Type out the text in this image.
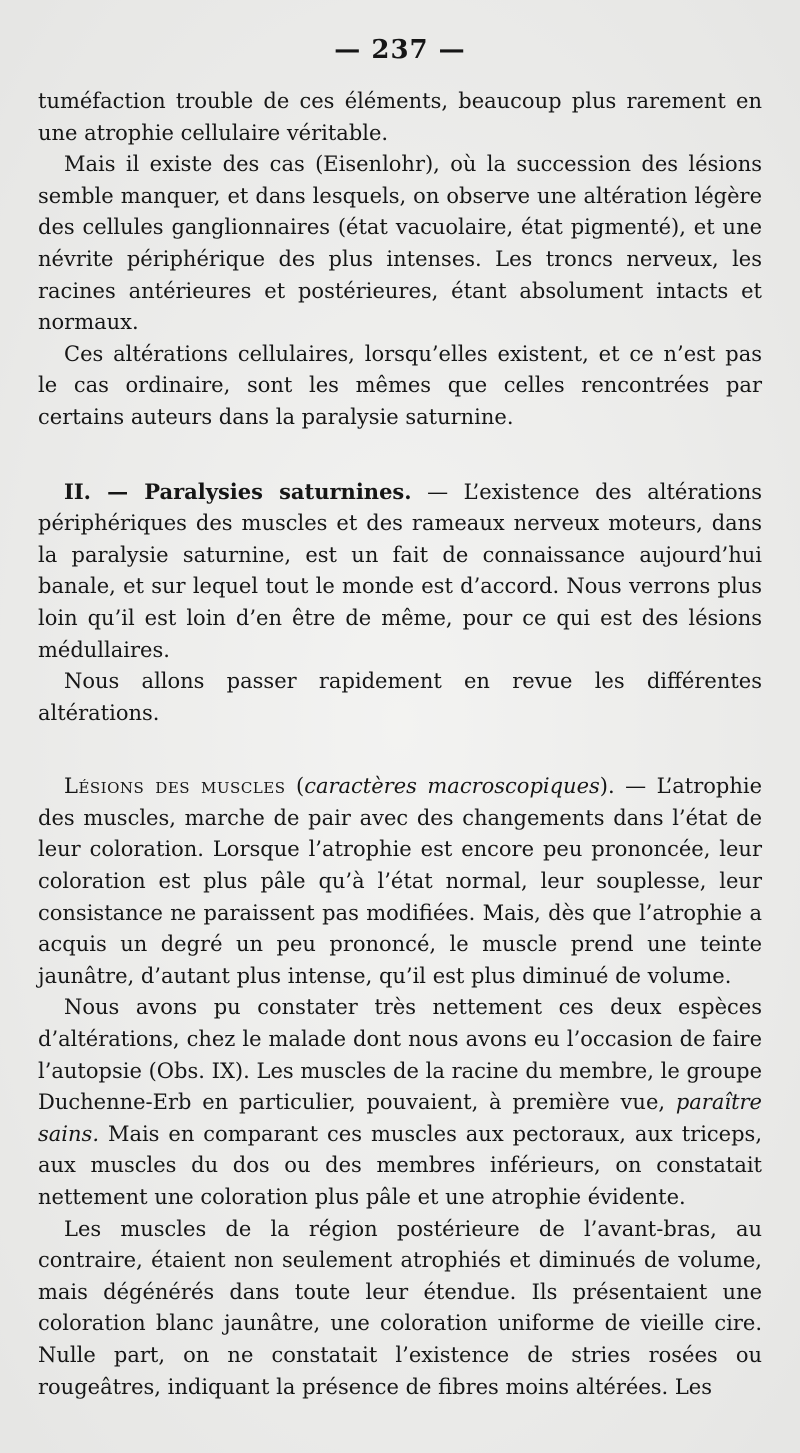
— 237 —

tuméfaction trouble de ces éléments, beaucoup plus rarement en une atrophie cellulaire véritable.

Mais il existe des cas (Eisenlohr), où la succession des lésions semble manquer, et dans lesquels, on observe une altération légère des cellules ganglionnaires (état vacuolaire, état pigmenté), et une névrite périphérique des plus intenses. Les troncs nerveux, les racines antérieures et postérieures, étant absolument intacts et normaux.

Ces altérations cellulaires, lorsqu’elles existent, et ce n’est pas le cas ordinaire, sont les mêmes que celles rencontrées par certains auteurs dans la paralysie saturnine.

II. — Paralysies saturnines. — L’existence des altérations périphériques des muscles et des rameaux nerveux moteurs, dans la paralysie saturnine, est un fait de connaissance aujourd’hui banale, et sur lequel tout le monde est d’accord. Nous verrons plus loin qu’il est loin d’en être de même, pour ce qui est des lésions médullaires.

Nous allons passer rapidement en revue les différentes altérations.

Lésions des muscles (caractères macroscopiques). — L’atrophie des muscles, marche de pair avec des changements dans l’état de leur coloration. Lorsque l’atrophie est encore peu prononcée, leur coloration est plus pâle qu’à l’état normal, leur souplesse, leur consistance ne paraissent pas modifiées. Mais, dès que l’atrophie a acquis un degré un peu prononcé, le muscle prend une teinte jaunâtre, d’autant plus intense, qu’il est plus diminué de volume.

Nous avons pu constater très nettement ces deux espèces d’altérations, chez le malade dont nous avons eu l’occasion de faire l’autopsie (Obs. IX). Les muscles de la racine du membre, le groupe Duchenne-Erb en particulier, pouvaient, à première vue, paraître sains. Mais en comparant ces muscles aux pectoraux, aux triceps, aux muscles du dos ou des membres inférieurs, on constatait nettement une coloration plus pâle et une atrophie évidente.

Les muscles de la région postérieure de l’avant-bras, au contraire, étaient non seulement atrophiés et diminués de volume, mais dégénérés dans toute leur étendue. Ils présentaient une coloration blanc jaunâtre, une coloration uniforme de vieille cire. Nulle part, on ne constatait l’existence de stries rosées ou rougeâtres, indiquant la présence de fibres moins altérées. Les
